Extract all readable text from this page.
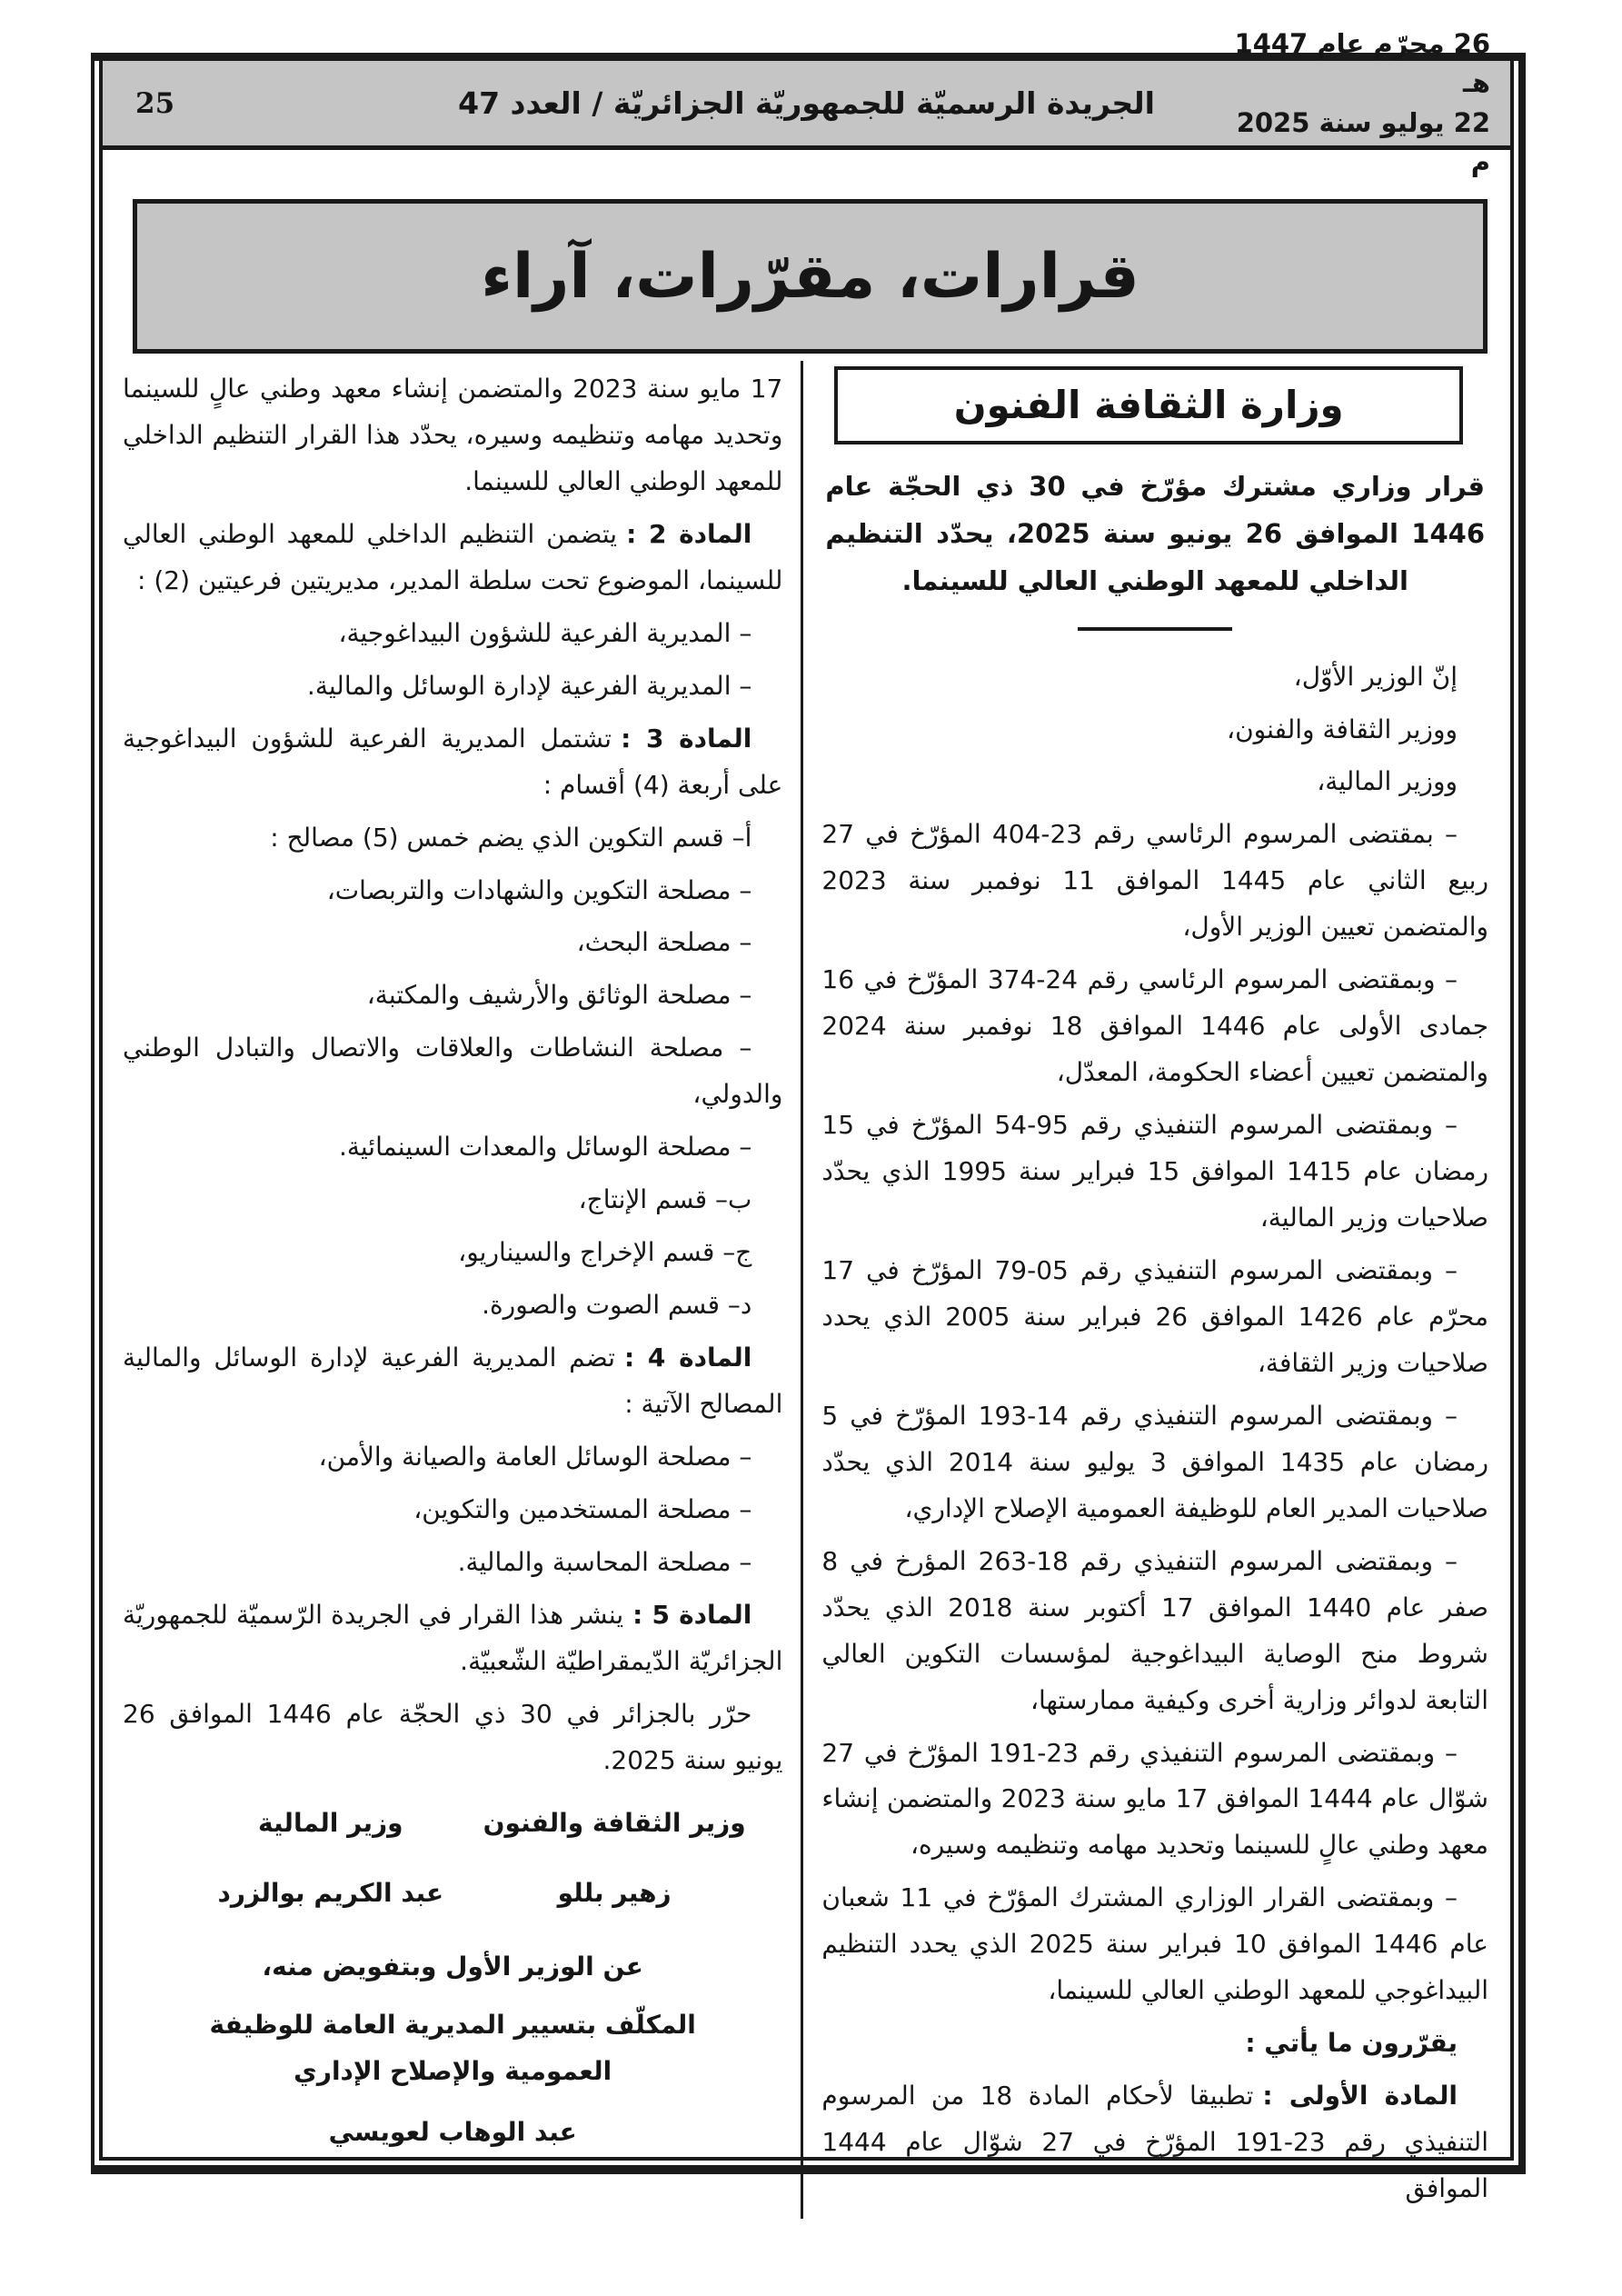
26 محرّم عام 1447 هـ
22 يوليو سنة 2025 م
الجريدة الرسميّة للجمهوريّة الجزائريّة / العدد 47
25
قرارات، مقرّرات، آراء
وزارة الثقافة الفنون
قرار وزاري مشترك مؤرّخ في 30 ذي الحجّة عام 1446 الموافق 26 يونيو سنة 2025، يحدّد التنظيم الداخلي للمعهد الوطني العالي للسينما.

إنّ الوزير الأوّل،

ووزير الثقافة والفنون،

ووزير المالية،

– بمقتضى المرسوم الرئاسي رقم 23-404 المؤرّخ في 27 ربيع الثاني عام 1445 الموافق 11 نوفمبر سنة 2023 والمتضمن تعيين الوزير الأول،

– وبمقتضى المرسوم الرئاسي رقم 24-374 المؤرّخ في 16 جمادى الأولى عام 1446 الموافق 18 نوفمبر سنة 2024 والمتضمن تعيين أعضاء الحكومة، المعدّل،

– وبمقتضى المرسوم التنفيذي رقم 95-54 المؤرّخ في 15 رمضان عام 1415 الموافق 15 فبراير سنة 1995 الذي يحدّد صلاحيات وزير المالية،

– وبمقتضى المرسوم التنفيذي رقم 05-79 المؤرّخ في 17 محرّم عام 1426 الموافق 26 فبراير سنة 2005 الذي يحدد صلاحيات وزير الثقافة،

– وبمقتضى المرسوم التنفيذي رقم 14-193 المؤرّخ في 5 رمضان عام 1435 الموافق 3 يوليو سنة 2014 الذي يحدّد صلاحيات المدير العام للوظيفة العمومية الإصلاح الإداري،

– وبمقتضى المرسوم التنفيذي رقم 18-263 المؤرخ في 8 صفر عام 1440 الموافق 17 أكتوبر سنة 2018 الذي يحدّد شروط منح الوصاية البيداغوجية لمؤسسات التكوين العالي التابعة لدوائر وزارية أخرى وكيفية ممارستها،

– وبمقتضى المرسوم التنفيذي رقم 23-191 المؤرّخ في 27 شوّال عام 1444 الموافق 17 مايو سنة 2023 والمتضمن إنشاء معهد وطني عالٍ للسينما وتحديد مهامه وتنظيمه وسيره،

– وبمقتضى القرار الوزاري المشترك المؤرّخ في 11 شعبان عام 1446 الموافق 10 فبراير سنة 2025 الذي يحدد التنظيم البيداغوجي للمعهد الوطني العالي للسينما،

يقرّرون ما يأتي :

المادة الأولى :تطبيقا لأحكام المادة 18 من المرسوم التنفيذي رقم 23-191 المؤرّخ في 27 شوّال عام 1444 الموافق

17 مايو سنة 2023 والمتضمن إنشاء معهد وطني عالٍ للسينما وتحديد مهامه وتنظيمه وسيره، يحدّد هذا القرار التنظيم الداخلي للمعهد الوطني العالي للسينما.

المادة 2 :يتضمن التنظيم الداخلي للمعهد الوطني العالي للسينما، الموضوع تحت سلطة المدير، مديريتين فرعيتين (2) :

– المديرية الفرعية للشؤون البيداغوجية،

– المديرية الفرعية لإدارة الوسائل والمالية.

المادة 3 :تشتمل المديرية الفرعية للشؤون البيداغوجية على أربعة (4) أقسام :

أ– قسم التكوين الذي يضم خمس (5) مصالح :

– مصلحة التكوين والشهادات والتربصات،

– مصلحة البحث،

– مصلحة الوثائق والأرشيف والمكتبة،

– مصلحة النشاطات والعلاقات والاتصال والتبادل الوطني والدولي،

– مصلحة الوسائل والمعدات السينمائية.

ب– قسم الإنتاج،

ج– قسم الإخراج والسيناريو،

د– قسم الصوت والصورة.

المادة 4 :تضم المديرية الفرعية لإدارة الوسائل والمالية المصالح الآتية :

– مصلحة الوسائل العامة والصيانة والأمن،

– مصلحة المستخدمين والتكوين،

– مصلحة المحاسبة والمالية.

المادة 5 :ينشر هذا القرار في الجريدة الرّسميّة للجمهوريّة الجزائريّة الدّيمقراطيّة الشّعبيّة.

حرّر بالجزائر في 30 ذي الحجّة عام 1446 الموافق 26 يونيو سنة 2025.

وزير الثقافة والفنون
وزير المالية
زهير بللو
عبد الكريم بوالزرد
عن الوزير الأول وبتفويض منه،
المكلّف بتسيير المديرية العامة للوظيفة العمومية والإصلاح الإداري
عبد الوهاب لعويسي
